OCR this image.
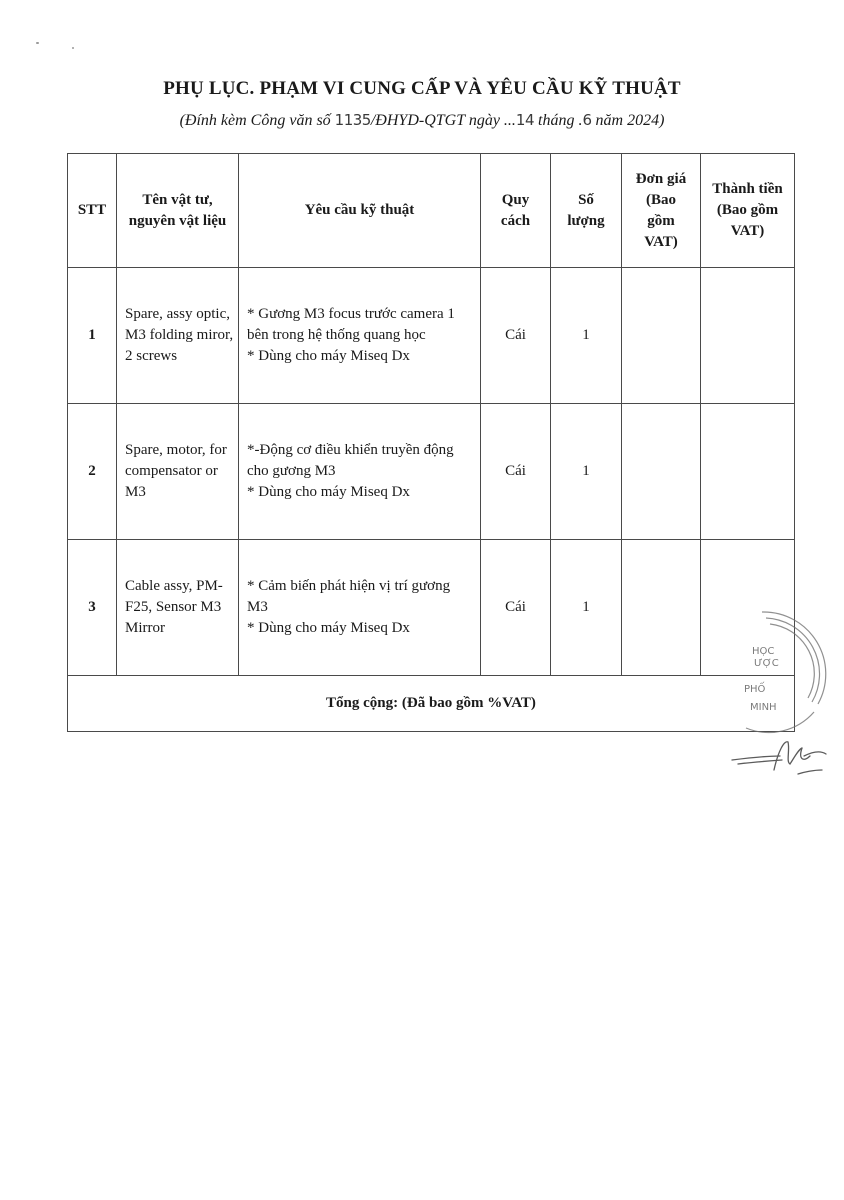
PHỤ LỤC. PHẠM VI CUNG CẤP VÀ YÊU CẦU KỸ THUẬT
(Đính kèm Công văn số 1135/ĐHYD-QTGT ngày ...14 tháng .6 năm 2024)
STT	Tên vật tư, nguyên vật liệu	Yêu cầu kỹ thuật	Quy cách	Số lượng	Đơn giá (Bao gồm VAT)	Thành tiền (Bao gồm VAT)
1	Spare, assy optic, M3 folding miror, 2 screws	* Gương M3 focus trước camera 1 bên trong hệ thống quang học
* Dùng cho máy Miseq Dx	Cái	1		
2	Spare, motor, for compensator or M3	*-Động cơ điều khiển truyền động cho gương M3
* Dùng cho máy Miseq Dx	Cái	1		
3	Cable assy, PM-F25, Sensor M3 Mirror	* Cảm biến phát hiện vị trí gương M3
* Dùng cho máy Miseq Dx	Cái	1		
Tổng cộng: (Đã bao gồm %VAT)						
HỌC
ƯỢC
PHỐ
MINH
